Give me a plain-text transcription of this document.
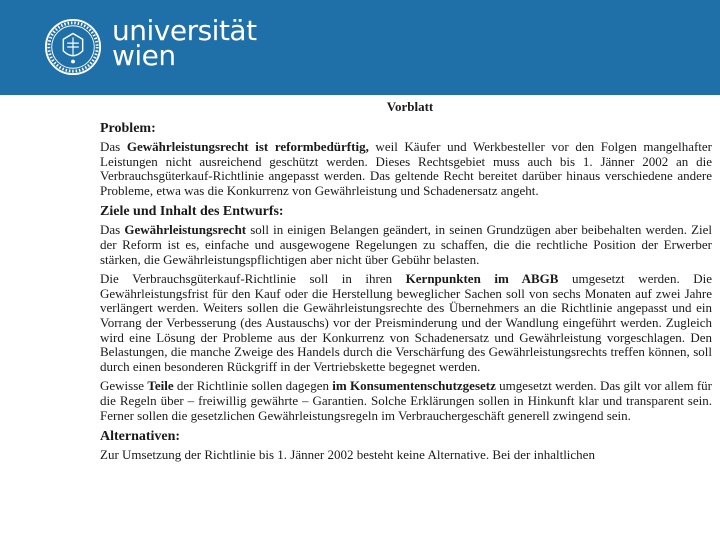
universität
wien
Vorblatt
Problem:

Das Gewährleistungsrecht ist reformbedürftig, weil Käufer und Werkbesteller vor den Folgen mangelhafter Leistungen nicht ausreichend geschützt werden. Dieses Rechtsgebiet muss auch bis 1. Jänner 2002 an die Verbrauchsgüterkauf-Richtlinie angepasst werden. Das geltende Recht bereitet darüber hinaus verschiedene andere Probleme, etwa was die Konkurrenz von Gewährleistung und Schadenersatz angeht.

Ziele und Inhalt des Entwurfs:

Das Gewährleistungsrecht soll in einigen Belangen geändert, in seinen Grundzügen aber beibehalten werden. Ziel der Reform ist es, einfache und ausgewogene Regelungen zu schaffen, die die rechtliche Position der Erwerber stärken, die Gewährleistungspflichtigen aber nicht über Gebühr belasten.

Die Verbrauchsgüterkauf-Richtlinie soll in ihren Kernpunkten im ABGB umgesetzt werden. Die Gewährleistungsfrist für den Kauf oder die Herstellung beweglicher Sachen soll von sechs Monaten auf zwei Jahre verlängert werden. Weiters sollen die Gewährleistungsrechte des Übernehmers an die Richtlinie angepasst und ein Vorrang der Verbesserung (des Austauschs) vor der Preisminderung und der Wandlung eingeführt werden. Zugleich wird eine Lösung der Probleme aus der Konkurrenz von Schadenersatz und Gewährleistung vorgeschlagen. Den Belastungen, die manche Zweige des Handels durch die Verschärfung des Gewährleistungsrechts treffen können, soll durch einen besonderen Rückgriff in der Vertriebskette begegnet werden.

Gewisse Teile der Richtlinie sollen dagegen im Konsumentenschutzgesetz umgesetzt werden. Das gilt vor allem für die Regeln über – freiwillig gewährte – Garantien. Solche Erklärungen sollen in Hinkunft klar und transparent sein. Ferner sollen die gesetzlichen Gewährleistungsregeln im Verbrauchergeschäft generell zwingend sein.

Alternativen:

Zur Umsetzung der Richtlinie bis 1. Jänner 2002 besteht keine Alternative. Bei der inhaltlichen
